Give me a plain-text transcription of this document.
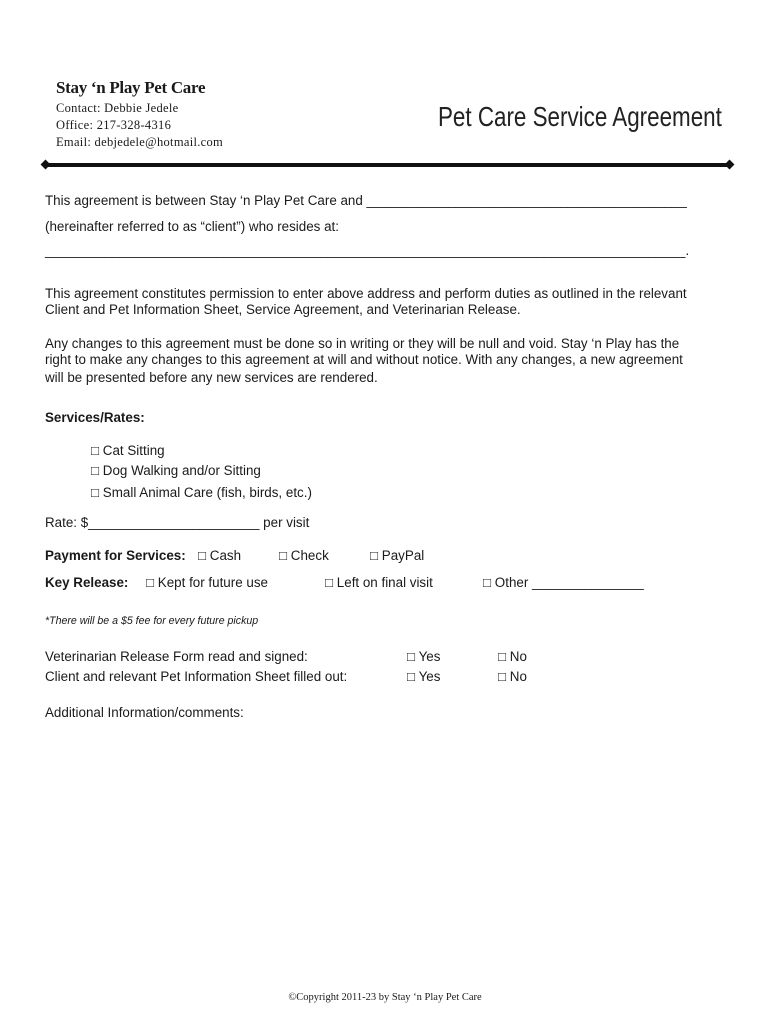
Stay ‘n Play Pet Care
Contact: Debbie Jedele
Office: 217-328-4316
Email: debjedele@hotmail.com
Pet Care Service Agreement
This agreement is between Stay ‘n Play Pet Care and ___________________________________________
(hereinafter referred to as “client”) who resides at:
______________________________________________________________________________________.
This agreement constitutes permission to enter above address and perform duties as outlined in the relevant
Client and Pet Information Sheet, Service Agreement, and Veterinarian Release.
Any changes to this agreement must be done so in writing or they will be null and void. Stay ‘n Play has the
right to make any changes to this agreement at will and without notice. With any changes, a new agreement
will be presented before any new services are rendered.
Services/Rates:
□ Cat Sitting
□ Dog Walking and/or Sitting
□ Small Animal Care (fish, birds, etc.)
Rate: $_______________________ per visit
Payment for Services: □ Cash	□ Check	□ PayPal
Key Release: □ Kept for future use	□ Left on final visit	□ Other _______________
*There will be a $5 fee for every future pickup
Veterinarian Release Form read and signed:	□ Yes	□ No
Client and relevant Pet Information Sheet filled out:	□ Yes	□ No
Additional Information/comments:
©Copyright 2011-23 by Stay ‘n Play Pet Care
